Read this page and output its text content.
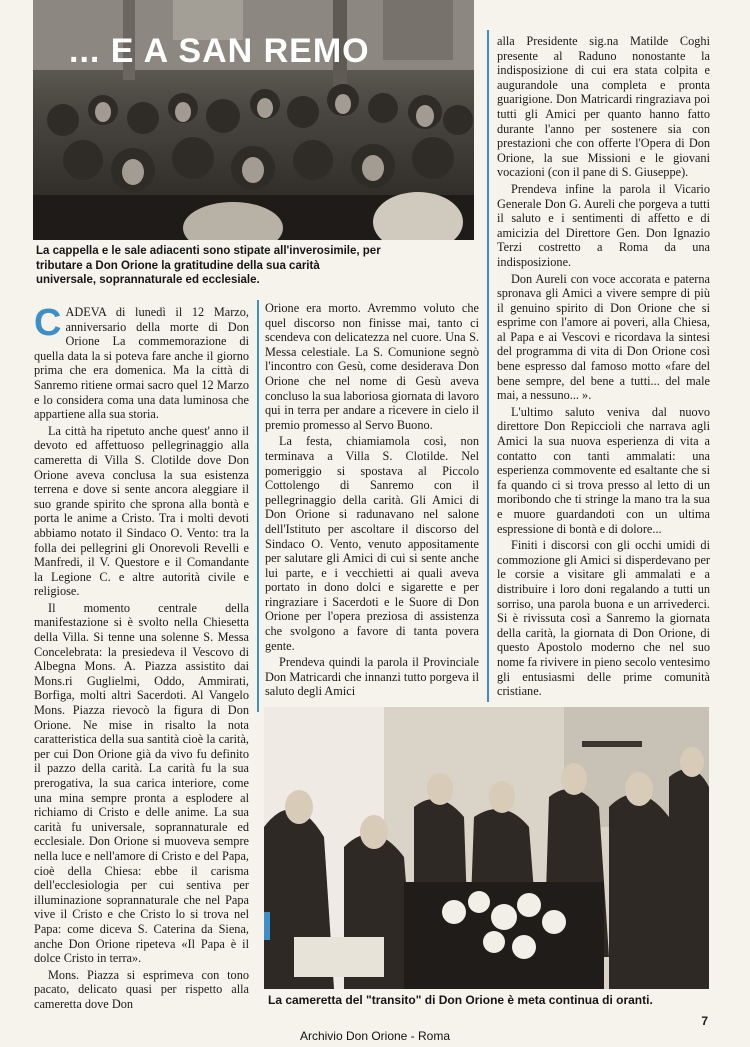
... E A SAN REMO
La cappella e le sale adiacenti sono stipate all'inverosimile, per tributare a Don Orione la gratitudine della sua carità universale, soprannaturale ed ecclesiale.

CADEVA di lunedì il 12 Marzo, anniversario della morte di Don Orione La commemorazione di quella data la si poteva fare anche il giorno prima che era domenica. Ma la città di Sanremo ritiene ormai sacro quel 12 Marzo e lo considera coma una data luminosa che appartiene alla sua storia.

La città ha ripetuto anche quest' anno il devoto ed affettuoso pellegrinaggio alla cameretta di Villa S. Clotilde dove Don Orione aveva conclusa la sua esistenza terrena e dove si sente ancora aleggiare il suo grande spirito che sprona alla bontà e porta le anime a Cristo. Tra i molti devoti abbiamo notato il Sindaco O. Vento: tra la folla dei pellegrini gli Onorevoli Revelli e Manfredi, il V. Questore e il Comandante la Legione C. e altre autorità civile e religiose.

Il momento centrale della manifestazione si è svolto nella Chiesetta della Villa. Si tenne una solenne S. Messa Concelebrata: la presiedeva il Vescovo di Albegna Mons. A. Piazza assistito dai Mons.ri Guglielmi, Oddo, Ammirati, Borfiga, molti altri Sacerdoti. Al Vangelo Mons. Piazza rievocò la figura di Don Orione. Ne mise in risalto la nota caratteristica della sua santità cioè la carità, per cui Don Orione già da vivo fu definito il pazzo della carità. La carità fu la sua prerogativa, la sua carica interiore, come una mina sempre pronta a esplodere al richiamo di Cristo e delle anime. La sua carità fu universale, soprannaturale ed ecclesiale. Don Orione si muoveva sempre nella luce e nell'amore di Cristo e del Papa, cioè della Chiesa: ebbe il carisma dell'ecclesiologia per cui sentiva per illuminazione soprannaturale che nel Papa vive il Cristo e che Cristo lo si trova nel Papa: come diceva S. Caterina da Siena, anche Don Orione ripeteva «Il Papa è il dolce Cristo in terra».

Mons. Piazza si esprimeva con tono pacato, delicato quasi per rispetto alla cameretta dove Don

Orione era morto. Avremmo voluto che quel discorso non finisse mai, tanto ci scendeva con delicatezza nel cuore. Una S. Messa celestiale. La S. Comunione segnò l'incontro con Gesù, come desiderava Don Orione che nel nome di Gesù aveva concluso la sua laboriosa giornata di lavoro qui in terra per andare a ricevere in cielo il premio promesso al Servo Buono.

La festa, chiamiamola così, non terminava a Villa S. Clotilde. Nel pomeriggio si spostava al Piccolo Cottolengo di Sanremo con il pellegrinaggio della carità. Gli Amici di Don Orione si radunavano nel salone dell'Istituto per ascoltare il discorso del Sindaco O. Vento, venuto appositamente per salutare gli Amici di cui si sente anche lui parte, e i vecchietti ai quali aveva portato in dono dolci e sigarette e per ringraziare i Sacerdoti e le Suore di Don Orione per l'opera preziosa di assistenza che svolgono a favore di tanta povera gente.

Prendeva quindi la parola il Provinciale Don Matricardi che innanzi tutto porgeva il saluto degli Amici

alla Presidente sig.na Matilde Coghi presente al Raduno nonostante la indisposizione di cui era stata colpita e augurandole una completa e pronta guarigione. Don Matricardi ringraziava poi tutti gli Amici per quanto hanno fatto durante l'anno per sostenere sia con prestazioni che con offerte l'Opera di Don Orione, la sue Missioni e le giovani vocazioni (con il pane di S. Giuseppe).

Prendeva infine la parola il Vicario Generale Don G. Aureli che porgeva a tutti il saluto e i sentimenti di affetto e di amicizia del Direttore Gen. Don Ignazio Terzi costretto a Roma da una indisposizione.

Don Aureli con voce accorata e paterna spronava gli Amici a vivere sempre di più il genuino spirito di Don Orione che si esprime con l'amore ai poveri, alla Chiesa, al Papa e ai Vescovi e ricordava la sintesi del programma di vita di Don Orione così bene espresso dal famoso motto «fare del bene sempre, del bene a tutti... del male mai, a nessuno... ».

L'ultimo saluto veniva dal nuovo direttore Don Repiccioli che narrava agli Amici la sua nuova esperienza di vita a contatto con tanti ammalati: una esperienza commovente ed esaltante che si fa quando ci si trova presso al letto di un moribondo che ti stringe la mano tra la sua e muore guardandoti con un ultima espressione di bontà e di dolore...

Finiti i discorsi con gli occhi umidi di commozione gli Amici si disperdevano per le corsie a visitare gli ammalati e a distribuire i loro doni regalando a tutti un sorriso, una parola buona e un arrivederci. Si è rivissuta così a Sanremo la giornata della carità, la giornata di Don Orione, di questo Apostolo moderno che nel suo nome fa rivivere in pieno secolo ventesimo gli entusiasmi delle prime comunità cristiane.

La cameretta del "transito" di Don Orione è meta continua di oranti.
7
Archivio Don Orione - Roma
